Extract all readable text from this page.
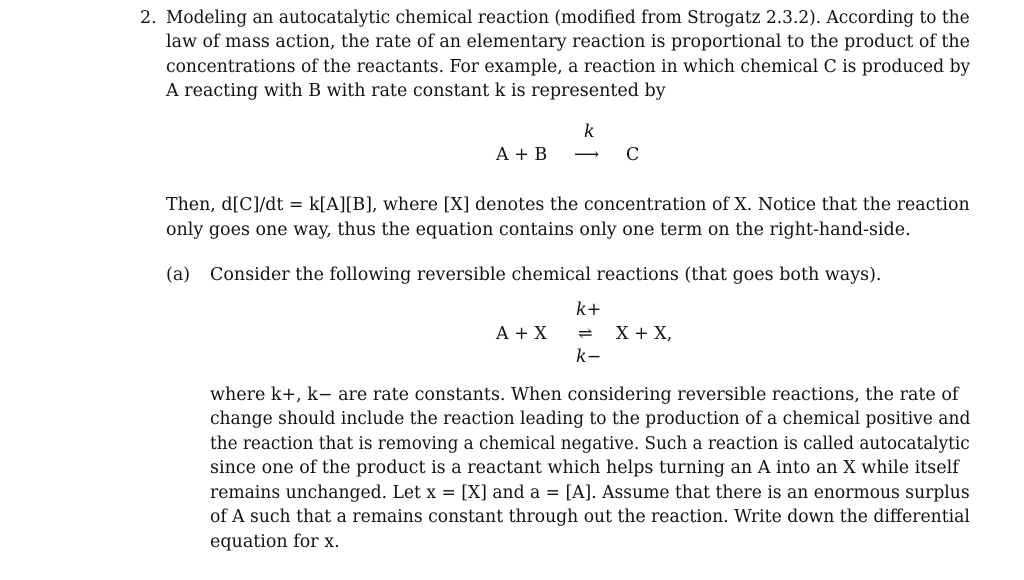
2. Modeling an autocatalytic chemical reaction (modified from Strogatz 2.3.2). According to the
law of mass action, the rate of an elementary reaction is proportional to the product of the
concentrations of the reactants. For example, a reaction in which chemical C is produced by
A reacting with B with rate constant k is represented by
k
A + B ⟶ C
Then, d[C]/dt = k[A][B], where [X] denotes the concentration of X. Notice that the reaction
only goes one way, thus the equation contains only one term on the right-hand-side.
(a) Consider the following reversible chemical reactions (that goes both ways).
k+
A + X ⇌ X + X,
k−
where k+, k− are rate constants. When considering reversible reactions, the rate of
change should include the reaction leading to the production of a chemical positive and
the reaction that is removing a chemical negative. Such a reaction is called autocatalytic
since one of the product is a reactant which helps turning an A into an X while itself
remains unchanged. Let x = [X] and a = [A]. Assume that there is an enormous surplus
of A such that a remains constant through out the reaction. Write down the differential
equation for x.
